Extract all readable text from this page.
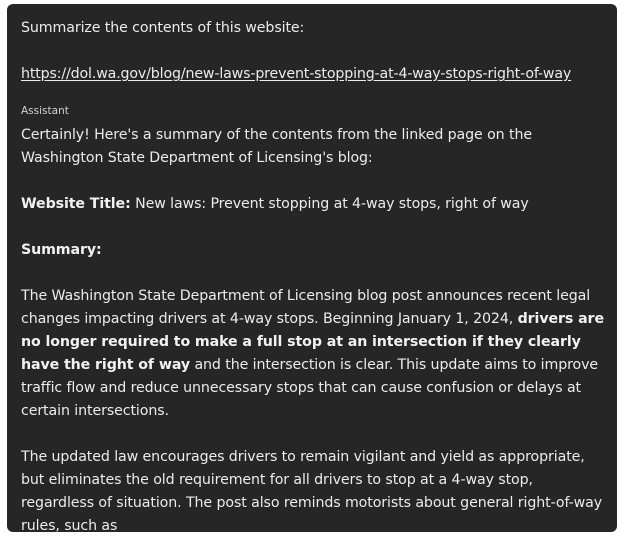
Summarize the contents of this website:

https://dol.wa.gov/blog/new-laws-prevent-stopping-at-4-way-stops-right-of-way
Assistant

Certainly! Here's a summary of the contents from the linked page on the Washington State Department of Licensing's blog:

Website Title: New laws: Prevent stopping at 4-way stops, right of way

Summary:

The Washington State Department of Licensing blog post announces recent legal changes impacting drivers at 4-way stops. Beginning January 1, 2024, drivers are no longer required to make a full stop at an intersection if they clearly have the right of way and the intersection is clear. This update aims to improve traffic flow and reduce unnecessary stops that can cause confusion or delays at certain intersections.

The updated law encourages drivers to remain vigilant and yield as appropriate, but eliminates the old requirement for all drivers to stop at a 4-way stop, regardless of situation. The post also reminds motorists about general right-of-way rules, such as
